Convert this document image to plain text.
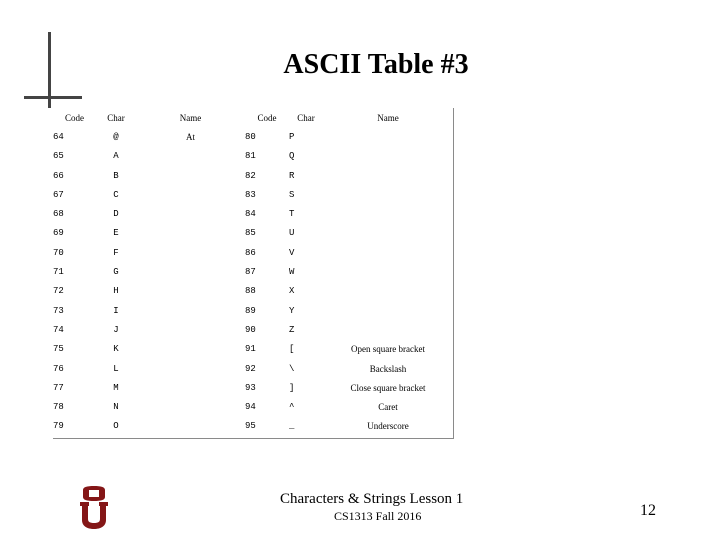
ASCII Table #3
Code	Char	Name	Code	Char	Name
64	@	At	80	P	
65	A		81	Q	
66	B		82	R	
67	C		83	S	
68	D		84	T	
69	E		85	U	
70	F		86	V	
71	G		87	W	
72	H		88	X	
73	I		89	Y	
74	J		90	Z	
75	K		91	[	Open square bracket
76	L		92	\	Backslash
77	M		93	]	Close square bracket
78	N		94	^	Caret
79	O		95	_	Underscore
Characters & Strings Lesson 1
CS1313 Fall 2016	12
